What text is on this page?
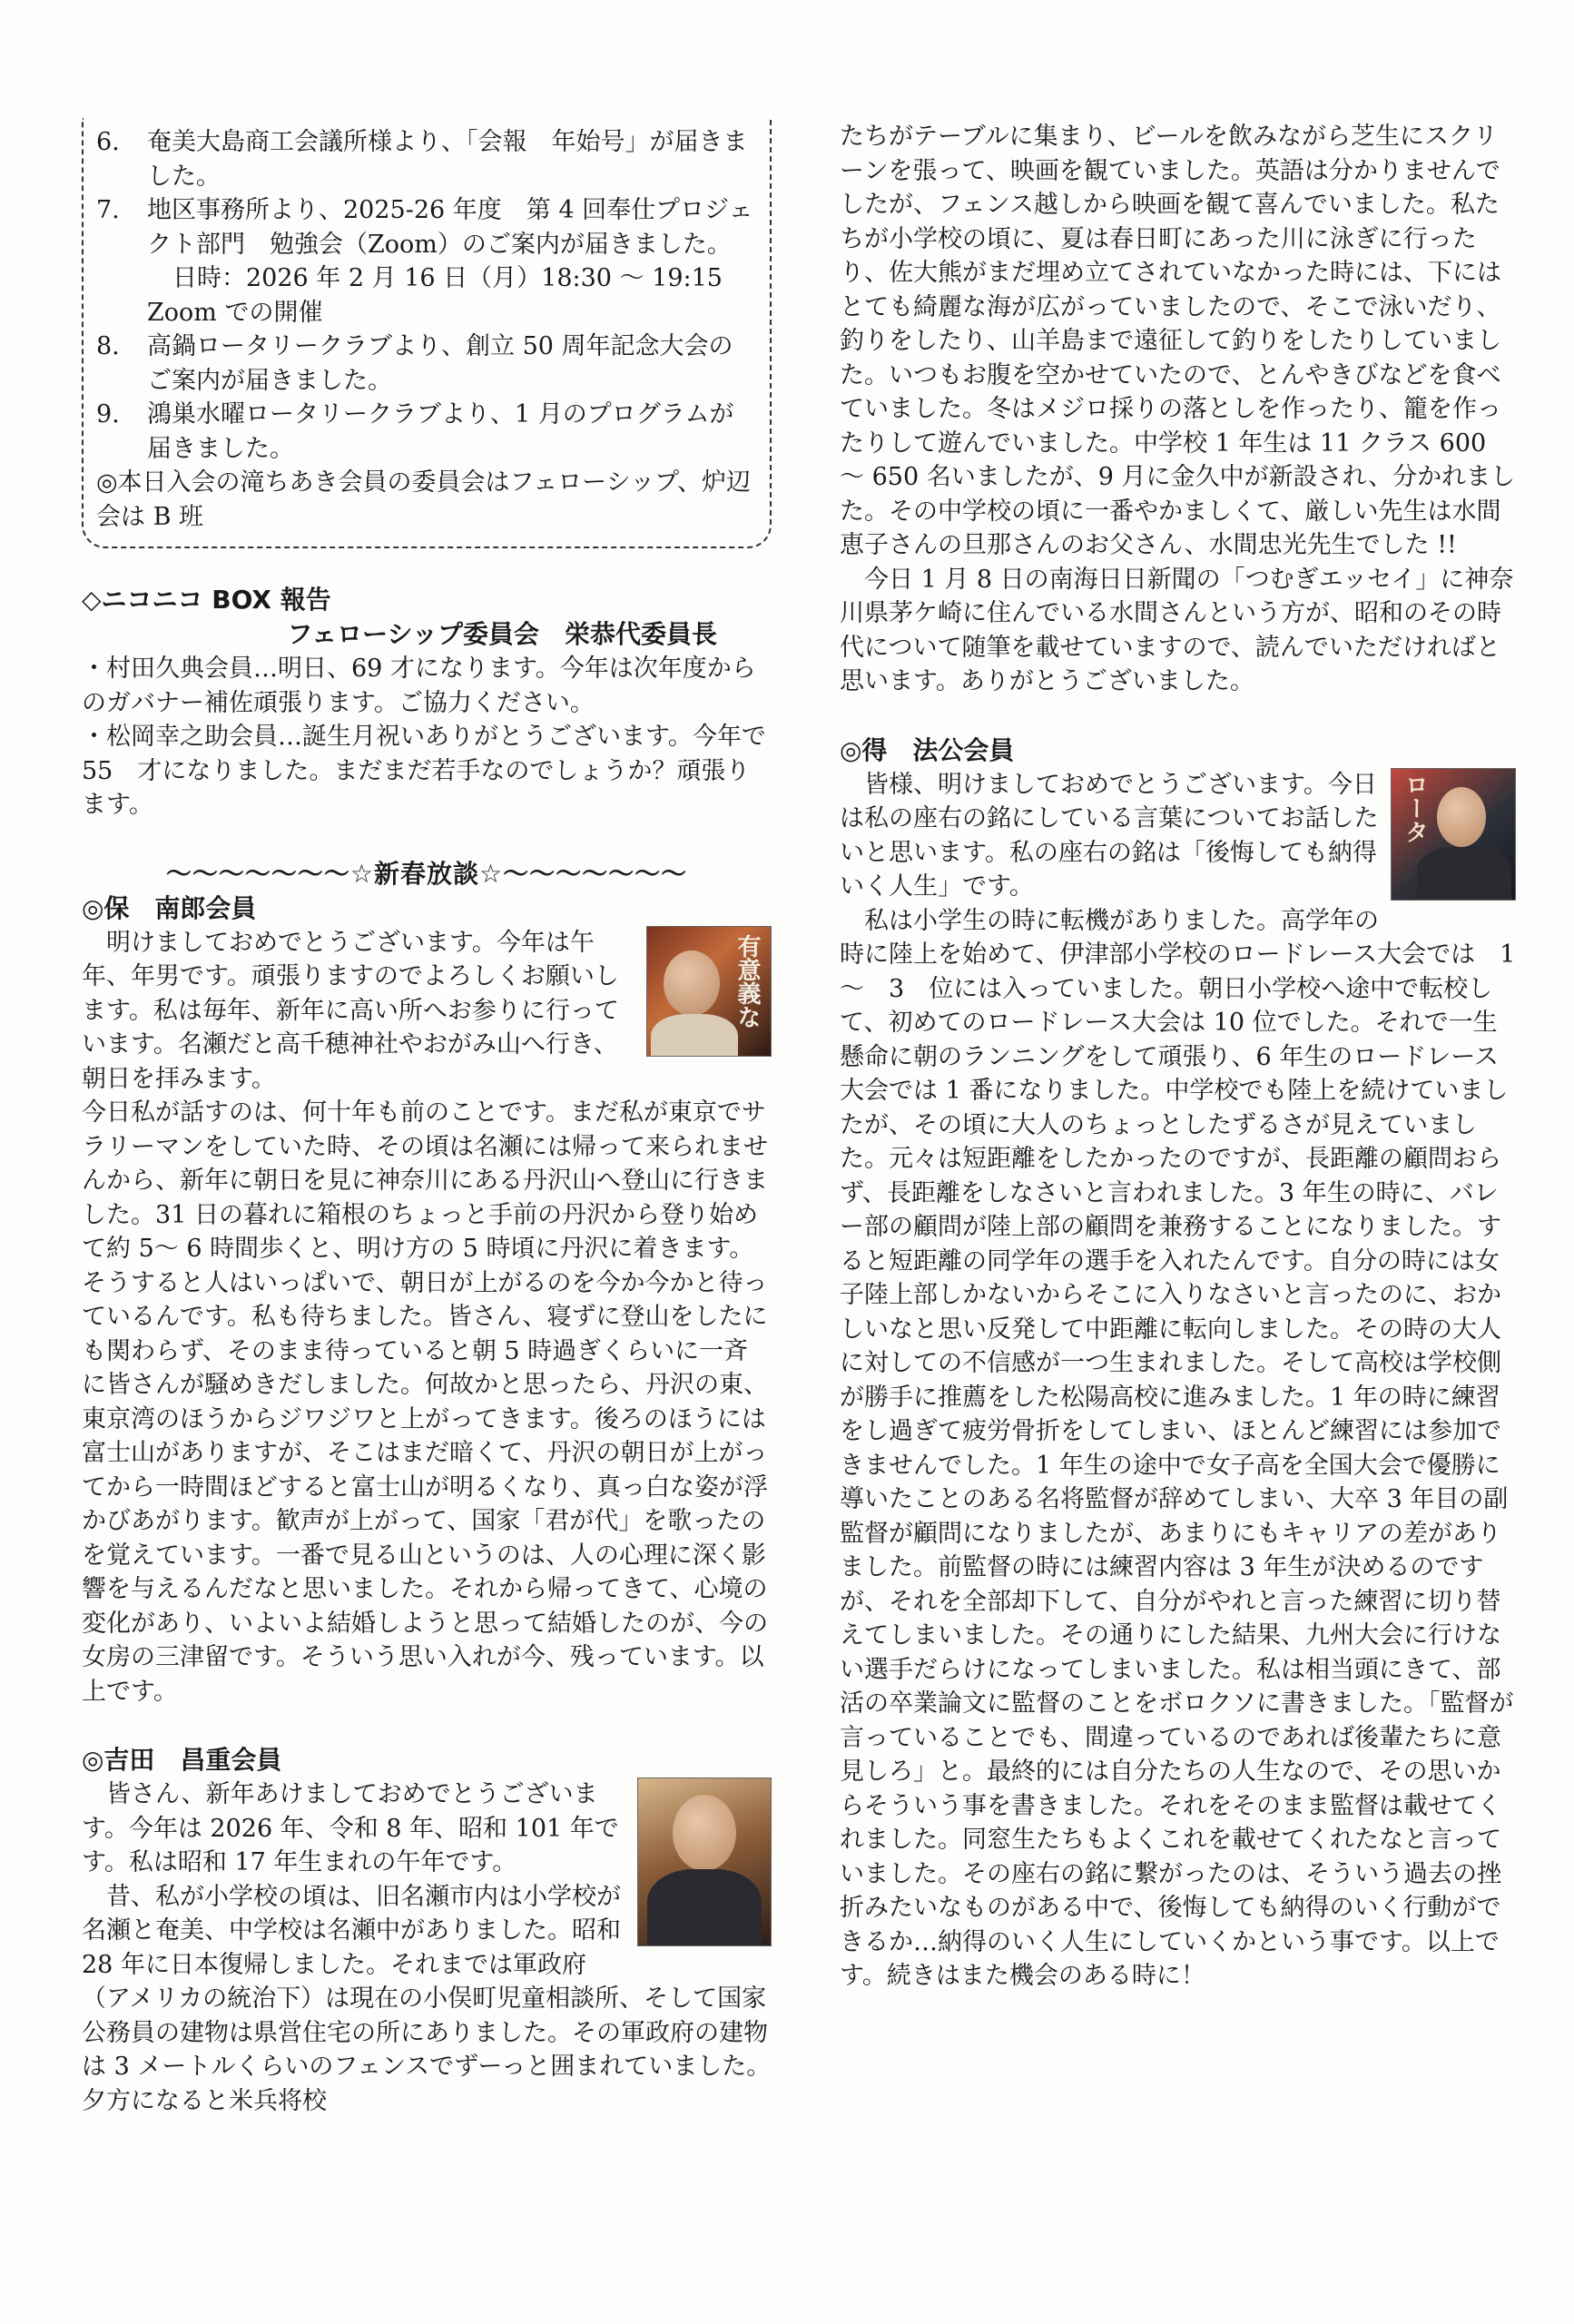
6.	奄美大島商工会議所様より、「会報　年始号」が届きました。
7.	地区事務所より、2025-26 年度　第 4 回奉仕プロジェクト部門　勉強会（Zoom）のご案内が届きました。
日時：2026 年 2 月 16 日（月）18:30 ～ 19:15
Zoom での開催
8.	高鍋ロータリークラブより、創立 50 周年記念大会のご案内が届きました。
9.	鴻巣水曜ロータリークラブより、1 月のプログラムが届きました。
◎本日入会の滝ちあき会員の委員会はフェローシップ、炉辺会は B 班
◇ニコニコ BOX 報告
フェローシップ委員会　栄恭代委員長
・村田久典会員…明日、69 才になります。今年は次年度からのガバナー補佐頑張ります。ご協力ください。
・松岡幸之助会員…誕生月祝いありがとうございます。今年で　55　才になりました。まだまだ若手なのでしょうか？頑張ります。
～～～～～～～☆新春放談☆～～～～～～～
◎保　南郎会員
有意義な
明けましておめでとうございます。今年は午年、年男です。頑張りますのでよろしくお願いします。私は毎年、新年に高い所へお参りに行っています。名瀬だと高千穂神社やおがみ山へ行き、朝日を拝みます。
今日私が話すのは、何十年も前のことです。まだ私が東京でサラリーマンをしていた時、その頃は名瀬には帰って来られませんから、新年に朝日を見に神奈川にある丹沢山へ登山に行きました。31 日の暮れに箱根のちょっと手前の丹沢から登り始めて約 5～ 6 時間歩くと、明け方の 5 時頃に丹沢に着きます。そうすると人はいっぱいで、朝日が上がるのを今か今かと待っているんです。私も待ちました。皆さん、寝ずに登山をしたにも関わらず、そのまま待っていると朝 5 時過ぎくらいに一斉に皆さんが騒めきだしました。何故かと思ったら、丹沢の東、東京湾のほうからジワジワと上がってきます。後ろのほうには富士山がありますが、そこはまだ暗くて、丹沢の朝日が上がってから一時間ほどすると富士山が明るくなり、真っ白な姿が浮かびあがります。歓声が上がって、国家「君が代」を歌ったのを覚えています。一番で見る山というのは、人の心理に深く影響を与えるんだなと思いました。それから帰ってきて、心境の変化があり、いよいよ結婚しようと思って結婚したのが、今の女房の三津留です。そういう思い入れが今、残っています。以上です。
◎吉田　昌重会員
皆さん、新年あけましておめでとうございます。今年は 2026 年、令和 8 年、昭和 101 年です。私は昭和 17 年生まれの午年です。
昔、私が小学校の頃は、旧名瀬市内は小学校が名瀬と奄美、中学校は名瀬中がありました。昭和 28 年に日本復帰しました。それまでは軍政府（アメリカの統治下）は現在の小俣町児童相談所、そして国家公務員の建物は県営住宅の所にありました。その軍政府の建物は 3 メートルくらいのフェンスでずーっと囲まれていました。夕方になると米兵将校
たちがテーブルに集まり、ビールを飲みながら芝生にスクリーンを張って、映画を観ていました。英語は分かりませんでしたが、フェンス越しから映画を観て喜んでいました。私たちが小学校の頃に、夏は春日町にあった川に泳ぎに行ったり、佐大熊がまだ埋め立てされていなかった時には、下にはとても綺麗な海が広がっていましたので、そこで泳いだり、釣りをしたり、山羊島まで遠征して釣りをしたりしていました。いつもお腹を空かせていたので、とんやきびなどを食べていました。冬はメジロ採りの落としを作ったり、籠を作ったりして遊んでいました。中学校 1 年生は 11 クラス 600 ～ 650 名いましたが、9 月に金久中が新設され、分かれました。その中学校の頃に一番やかましくて、厳しい先生は水間恵子さんの旦那さんのお父さん、水間忠光先生でした !!
今日 1 月 8 日の南海日日新聞の「つむぎエッセイ」に神奈川県茅ケ崎に住んでいる水間さんという方が、昭和のその時代について随筆を載せていますので、読んでいただければと思います。ありがとうございました。
◎得　法公会員
ロータ
皆様、明けましておめでとうございます。今日は私の座右の銘にしている言葉についてお話したいと思います。私の座右の銘は「後悔しても納得いく人生」です。
私は小学生の時に転機がありました。高学年の時に陸上を始めて、伊津部小学校のロードレース大会では　1 ～　3　位には入っていました。朝日小学校へ途中で転校して、初めてのロードレース大会は 10 位でした。それで一生懸命に朝のランニングをして頑張り、6 年生のロードレース大会では 1 番になりました。中学校でも陸上を続けていましたが、その頃に大人のちょっとしたずるさが見えていました。元々は短距離をしたかったのですが、長距離の顧問おらず、長距離をしなさいと言われました。3 年生の時に、バレー部の顧問が陸上部の顧問を兼務することになりました。すると短距離の同学年の選手を入れたんです。自分の時には女子陸上部しかないからそこに入りなさいと言ったのに、おかしいなと思い反発して中距離に転向しました。その時の大人に対しての不信感が一つ生まれました。そして高校は学校側が勝手に推薦をした松陽高校に進みました。1 年の時に練習をし過ぎて疲労骨折をしてしまい、ほとんど練習には参加できませんでした。1 年生の途中で女子高を全国大会で優勝に導いたことのある名将監督が辞めてしまい、大卒 3 年目の副監督が顧問になりましたが、あまりにもキャリアの差がありました。前監督の時には練習内容は 3 年生が決めるのですが、それを全部却下して、自分がやれと言った練習に切り替えてしまいました。その通りにした結果、九州大会に行けない選手だらけになってしまいました。私は相当頭にきて、部活の卒業論文に監督のことをボロクソに書きました。「監督が言っていることでも、間違っているのであれば後輩たちに意見しろ」と。最終的には自分たちの人生なので、その思いからそういう事を書きました。それをそのまま監督は載せてくれました。同窓生たちもよくこれを載せてくれたなと言っていました。その座右の銘に繋がったのは、そういう過去の挫折みたいなものがある中で、後悔しても納得のいく行動ができるか…納得のいく人生にしていくかという事です。以上です。続きはまた機会のある時に！
